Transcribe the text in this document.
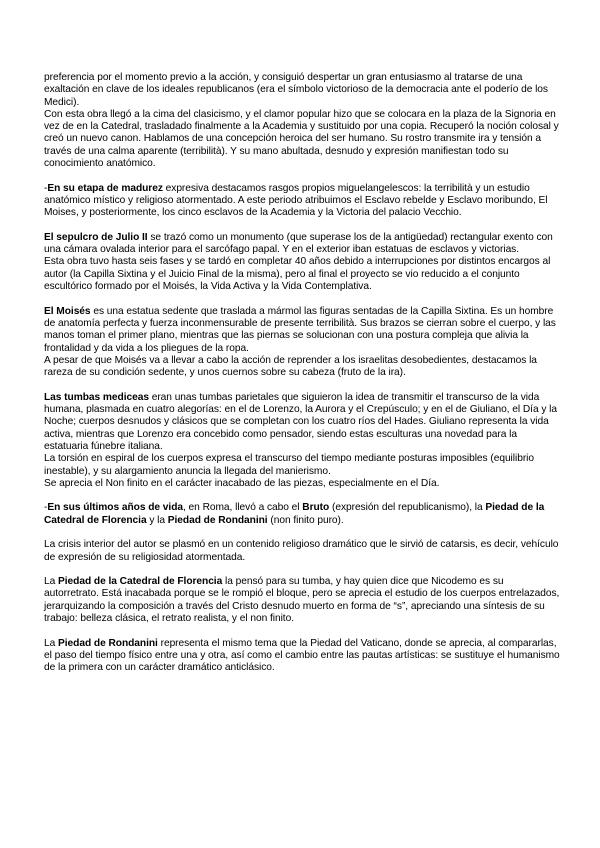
preferencia por el momento previo a la acción, y consiguió despertar un gran entusiasmo al tratarse de una exaltación en clave de los ideales republicanos (era el símbolo victorioso de la democracia ante el poderío de los Medici).

Con esta obra llegó a la cima del clasicismo, y el clamor popular hizo que se colocara en la plaza de la Signoria en vez de en la Catedral, trasladado finalmente a la Academia y sustituido por una copia. Recuperó la noción colosal y creó un nuevo canon. Hablamos de una concepción heroica del ser humano. Su rostro transmite ira y tensión a través de una calma aparente (terribilità). Y su mano abultada, desnudo y expresión manifiestan todo su conocimiento anatómico.

-En su etapa de madurez expresiva destacamos rasgos propios miguelangelescos: la terribilità y un estudio anatómico místico y religioso atormentado. A este periodo atribuimos el Esclavo rebelde y Esclavo moribundo, El Moises, y posteriormente, los cinco esclavos de la Academia y la Victoria del palacio Vecchio.

El sepulcro de Julio II se trazó como un monumento (que superase los de la antigüedad) rectangular exento con una cámara ovalada interior para el sarcófago papal. Y en el exterior iban estatuas de esclavos y victorias.

Esta obra tuvo hasta seis fases y se tardó en completar 40 años debido a interrupciones por distintos encargos al autor (la Capilla Sixtina y el Juicio Final de la misma), pero al final el proyecto se vio reducido a el conjunto escultórico formado por el Moisés, la Vida Activa y la Vida Contemplativa.

El Moisés es una estatua sedente que traslada a mármol las figuras sentadas de la Capilla Sixtina. Es un hombre de anatomía perfecta y fuerza inconmensurable de presente terribilità. Sus brazos se cierran sobre el cuerpo, y las manos toman el primer plano, mientras que las piernas se solucionan con una postura compleja que alivia la frontalidad y da vida a los pliegues de la ropa.

A pesar de que Moisés va a llevar a cabo la acción de reprender a los israelitas desobedientes, destacamos la rareza de su condición sedente, y unos cuernos sobre su cabeza (fruto de la ira).

Las tumbas mediceas eran unas tumbas parietales que siguieron la idea de transmitir el transcurso de la vida humana, plasmada en cuatro alegorías: en el de Lorenzo, la Aurora y el Crepúsculo; y en el de Giuliano, el Día y la Noche; cuerpos desnudos y clásicos que se completan con los cuatro ríos del Hades. Giuliano representa la vida activa, mientras que Lorenzo era concebido como pensador, siendo estas esculturas una novedad para la estatuaria fúnebre italiana.

La torsión en espiral de los cuerpos expresa el transcurso del tiempo mediante posturas imposibles (equilibrio inestable), y su alargamiento anuncia la llegada del manierismo.

Se aprecia el Non finito en el carácter inacabado de las piezas, especialmente en el Día.

-En sus últimos años de vida, en Roma, llevó a cabo el Bruto (expresión del republicanismo), la Piedad de la Catedral de Florencia y la Piedad de Rondanini (non finito puro).

La crisis interior del autor se plasmó en un contenido religioso dramático que le sirvió de catarsis, es decir, vehículo de expresión de su religiosidad atormentada.

La Piedad de la Catedral de Florencia la pensó para su tumba, y hay quien dice que Nicodemo es su autorretrato. Está inacabada porque se le rompió el bloque, pero se aprecia el estudio de los cuerpos entrelazados, jerarquizando la composición a través del Cristo desnudo muerto en forma de “s”, apreciando una síntesis de su trabajo: belleza clásica, el retrato realista, y el non finito.

La Piedad de Rondanini representa el mismo tema que la Piedad del Vaticano, donde se aprecia, al compararlas, el paso del tiempo físico entre una y otra, así como el cambio entre las pautas artísticas: se sustituye el humanismo de la primera con un carácter dramático anticlásico.
